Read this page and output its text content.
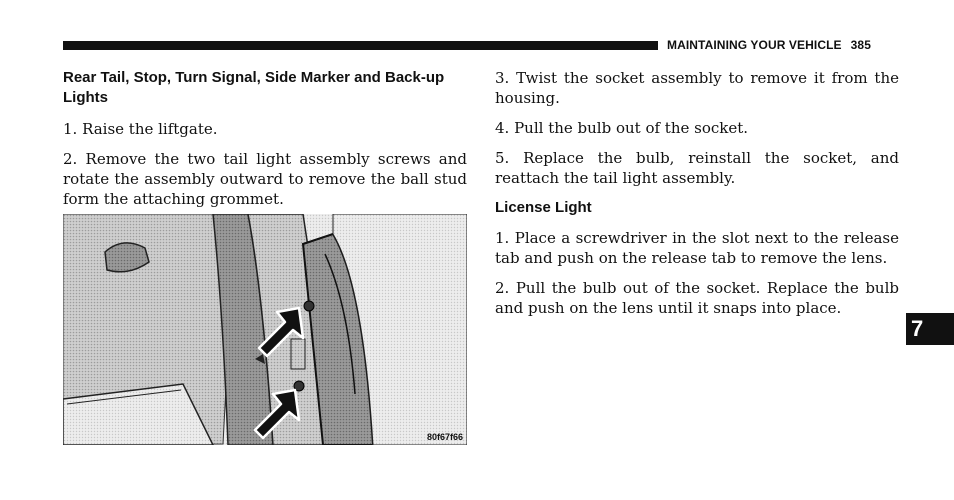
MAINTAINING YOUR VEHICLE 385
Rear Tail, Stop, Turn Signal, Side Marker and Back-up Lights

1. Raise the liftgate.

2. Remove the two tail light assembly screws and rotate the assembly outward to remove the ball stud form the attaching grommet.

80f67f66

3. Twist the socket assembly to remove it from the housing.

4. Pull the bulb out of the socket.

5. Replace the bulb, reinstall the socket, and reattach the tail light assembly.

License Light

1. Place a screwdriver in the slot next to the release tab and push on the release tab to remove the lens.

2. Pull the bulb out of the socket. Replace the bulb and push on the lens until it snaps into place.

7
